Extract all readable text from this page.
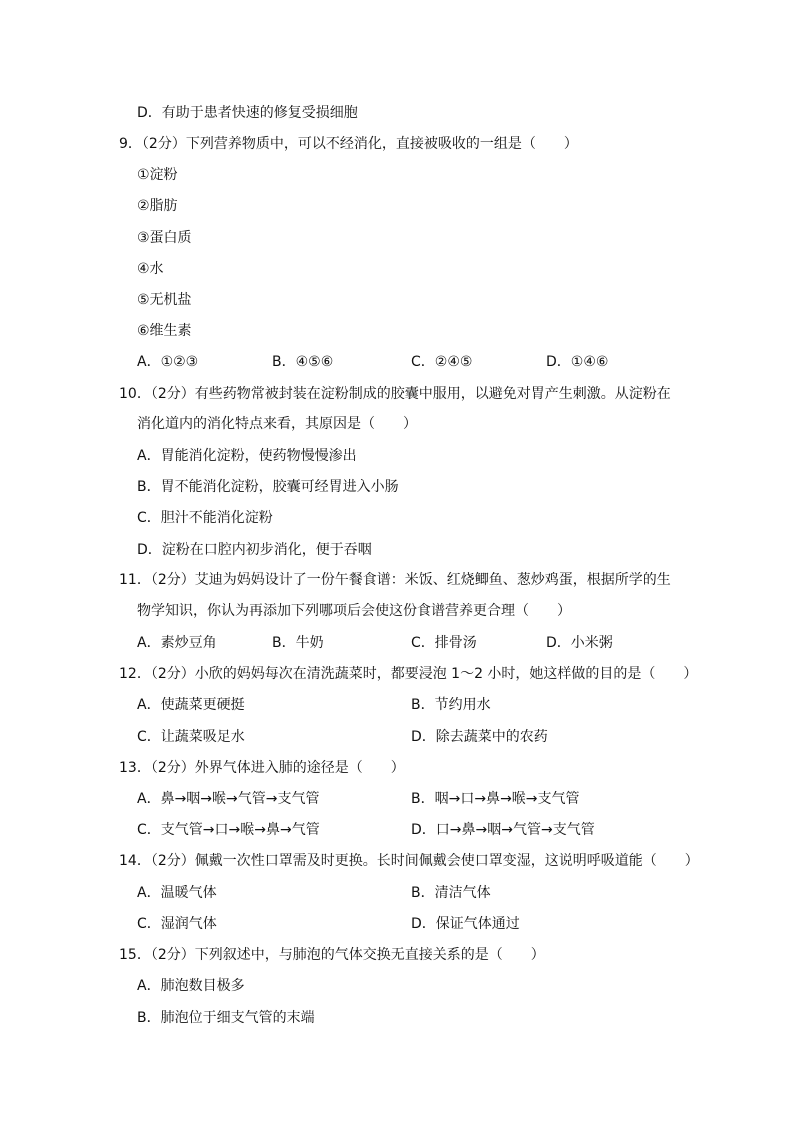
D．有助于患者快速的修复受损细胞
9．（2分）下列营养物质中，可以不经消化，直接被吸收的一组是（　　）
①淀粉
②脂肪
③蛋白质
④水
⑤无机盐
⑥维生素
A．①②③	B．④⑤⑥	C．②④⑤	D．①④⑥
10．（2分）有些药物常被封装在淀粉制成的胶囊中服用，以避免对胃产生刺激。从淀粉在
消化道内的消化特点来看，其原因是（　　）
A．胃能消化淀粉，使药物慢慢渗出
B．胃不能消化淀粉，胶囊可经胃进入小肠
C．胆汁不能消化淀粉
D．淀粉在口腔内初步消化，便于吞咽
11．（2分）艾迪为妈妈设计了一份午餐食谱：米饭、红烧鲫鱼、葱炒鸡蛋，根据所学的生
物学知识，你认为再添加下列哪项后会使这份食谱营养更合理（　　）
A．素炒豆角	B．牛奶	C．排骨汤	D．小米粥
12．（2分）小欣的妈妈每次在清洗蔬菜时，都要浸泡 1～2 小时，她这样做的目的是（　　）
A．使蔬菜更硬挺	B．节约用水
C．让蔬菜吸足水	D．除去蔬菜中的农药
13．（2分）外界气体进入肺的途径是（　　）
A．鼻→咽→喉→气管→支气管	B．咽→口→鼻→喉→支气管
C．支气管→口→喉→鼻→气管	D．口→鼻→咽→气管→支气管
14．（2分）佩戴一次性口罩需及时更换。长时间佩戴会使口罩变湿，这说明呼吸道能（　　）
A．温暖气体	B．清洁气体
C．湿润气体	D．保证气体通过
15．（2分）下列叙述中，与肺泡的气体交换无直接关系的是（　　）
A．肺泡数目极多
B．肺泡位于细支气管的末端
